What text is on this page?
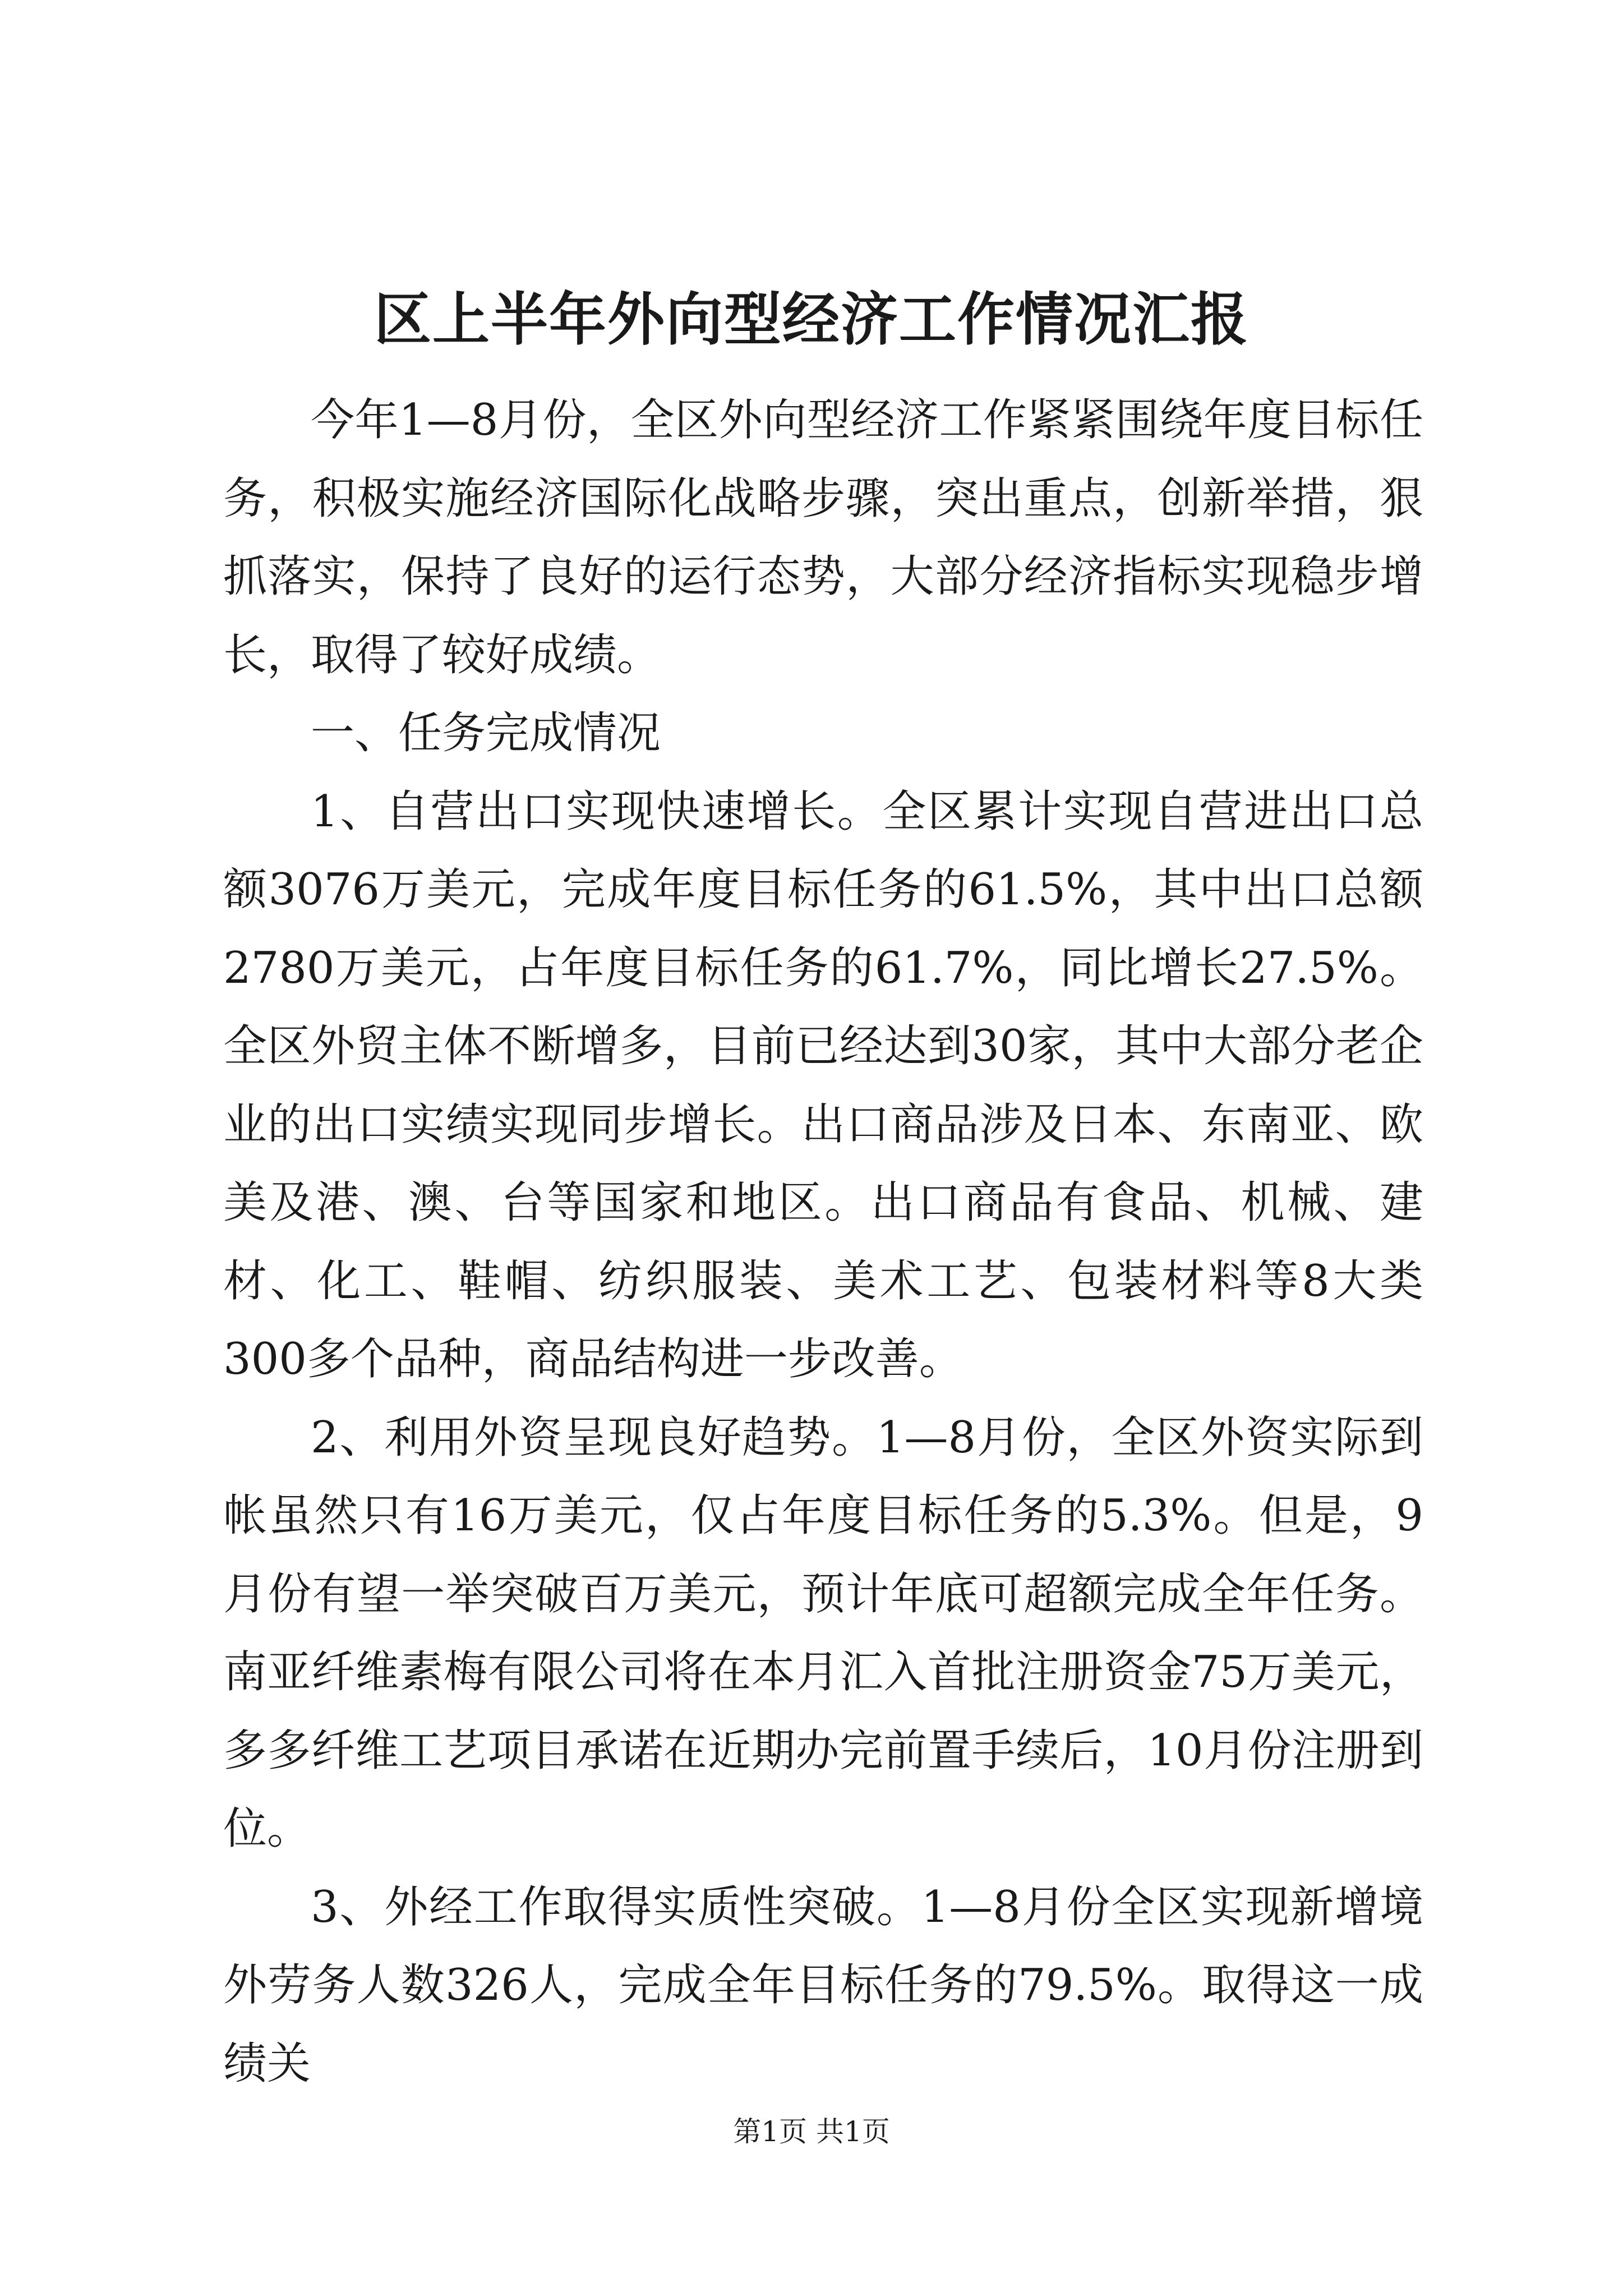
区上半年外向型经济工作情况汇报

今年1—8月份，全区外向型经济工作紧紧围绕年度目标任务，积极实施经济国际化战略步骤，突出重点，创新举措，狠抓落实，保持了良好的运行态势，大部分经济指标实现稳步增长，取得了较好成绩。

一、任务完成情况

1、自营出口实现快速增长。全区累计实现自营进出口总额3076万美元，完成年度目标任务的61.5%，其中出口总额2780万美元，占年度目标任务的61.7%，同比增长27.5%。全区外贸主体不断增多，目前已经达到30家，其中大部分老企业的出口实绩实现同步增长。出口商品涉及日本、东南亚、欧美及港、澳、台等国家和地区。出口商品有食品、机械、建材、化工、鞋帽、纺织服装、美术工艺、包装材料等8大类300多个品种，商品结构进一步改善。

2、利用外资呈现良好趋势。1—8月份，全区外资实际到帐虽然只有16万美元，仅占年度目标任务的5.3%。但是，9月份有望一举突破百万美元，预计年底可超额完成全年任务。南亚纤维素梅有限公司将在本月汇入首批注册资金75万美元，多多纤维工艺项目承诺在近期办完前置手续后，10月份注册到位。

3、外经工作取得实质性突破。1—8月份全区实现新增境外劳务人数326人，完成全年目标任务的79.5%。取得这一成绩关

第1页 共1页
